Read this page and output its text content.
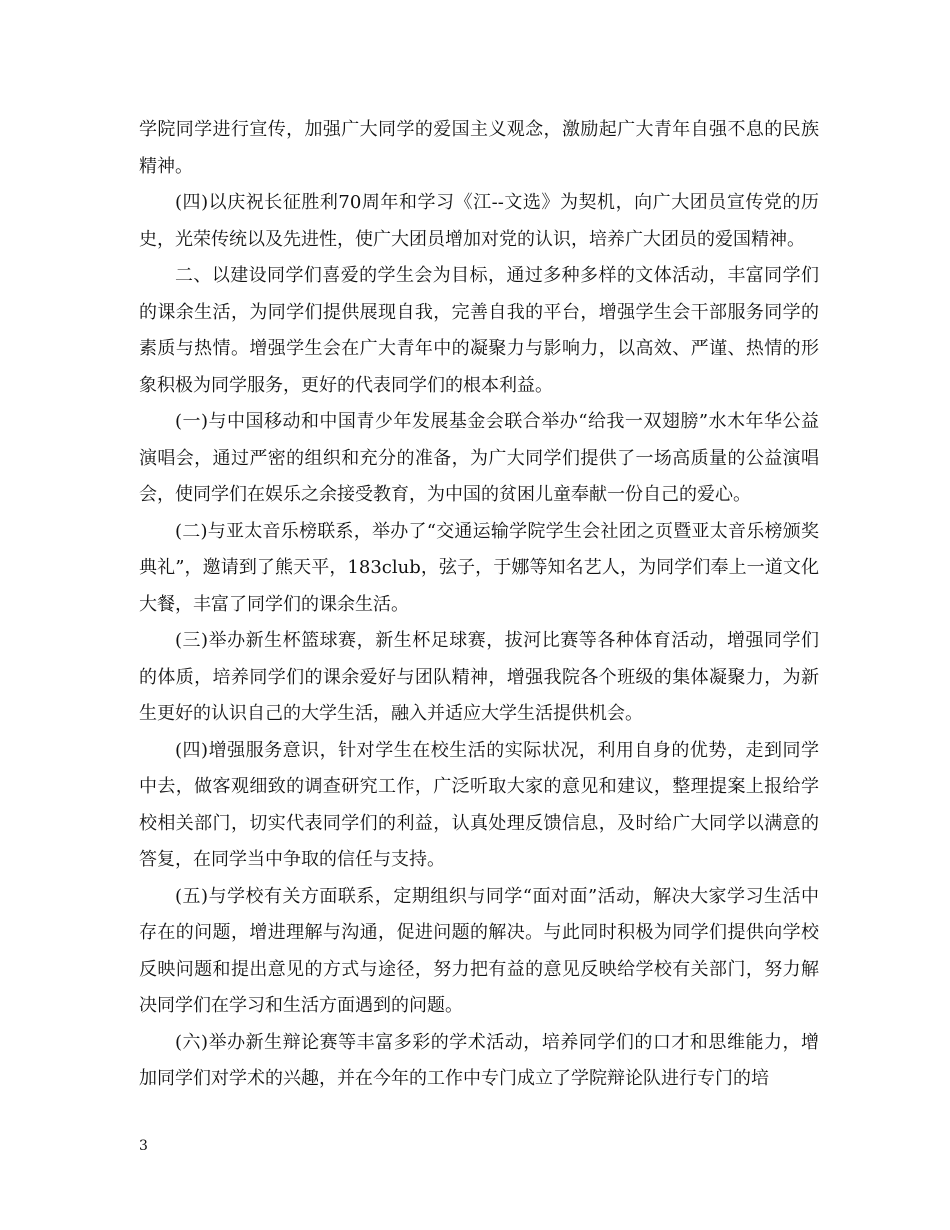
学院同学进行宣传，加强广大同学的爱国主义观念，激励起广大青年自强不息的民族精神。

(四)以庆祝长征胜利70周年和学习《江--文选》为契机，向广大团员宣传党的历史，光荣传统以及先进性，使广大团员增加对党的认识，培养广大团员的爱国精神。

二、以建设同学们喜爱的学生会为目标，通过多种多样的文体活动，丰富同学们的课余生活，为同学们提供展现自我，完善自我的平台，增强学生会干部服务同学的素质与热情。增强学生会在广大青年中的凝聚力与影响力，以高效、严谨、热情的形象积极为同学服务，更好的代表同学们的根本利益。

(一)与中国移动和中国青少年发展基金会联合举办“给我一双翅膀”水木年华公益演唱会，通过严密的组织和充分的准备，为广大同学们提供了一场高质量的公益演唱会，使同学们在娱乐之余接受教育，为中国的贫困儿童奉献一份自己的爱心。

(二)与亚太音乐榜联系，举办了“交通运输学院学生会社团之页暨亚太音乐榜颁奖典礼”，邀请到了熊天平，183club，弦子，于娜等知名艺人，为同学们奉上一道文化大餐，丰富了同学们的课余生活。

(三)举办新生杯篮球赛，新生杯足球赛，拔河比赛等各种体育活动，增强同学们的体质，培养同学们的课余爱好与团队精神，增强我院各个班级的集体凝聚力，为新生更好的认识自己的大学生活，融入并适应大学生活提供机会。

(四)增强服务意识，针对学生在校生活的实际状况，利用自身的优势，走到同学中去，做客观细致的调查研究工作，广泛听取大家的意见和建议，整理提案上报给学校相关部门，切实代表同学们的利益，认真处理反馈信息，及时给广大同学以满意的答复，在同学当中争取的信任与支持。

(五)与学校有关方面联系，定期组织与同学“面对面”活动，解决大家学习生活中存在的问题，增进理解与沟通，促进问题的解决。与此同时积极为同学们提供向学校反映问题和提出意见的方式与途径，努力把有益的意见反映给学校有关部门，努力解决同学们在学习和生活方面遇到的问题。

(六)举办新生辩论赛等丰富多彩的学术活动，培养同学们的口才和思维能力，增加同学们对学术的兴趣，并在今年的工作中专门成立了学院辩论队进行专门的培

3
